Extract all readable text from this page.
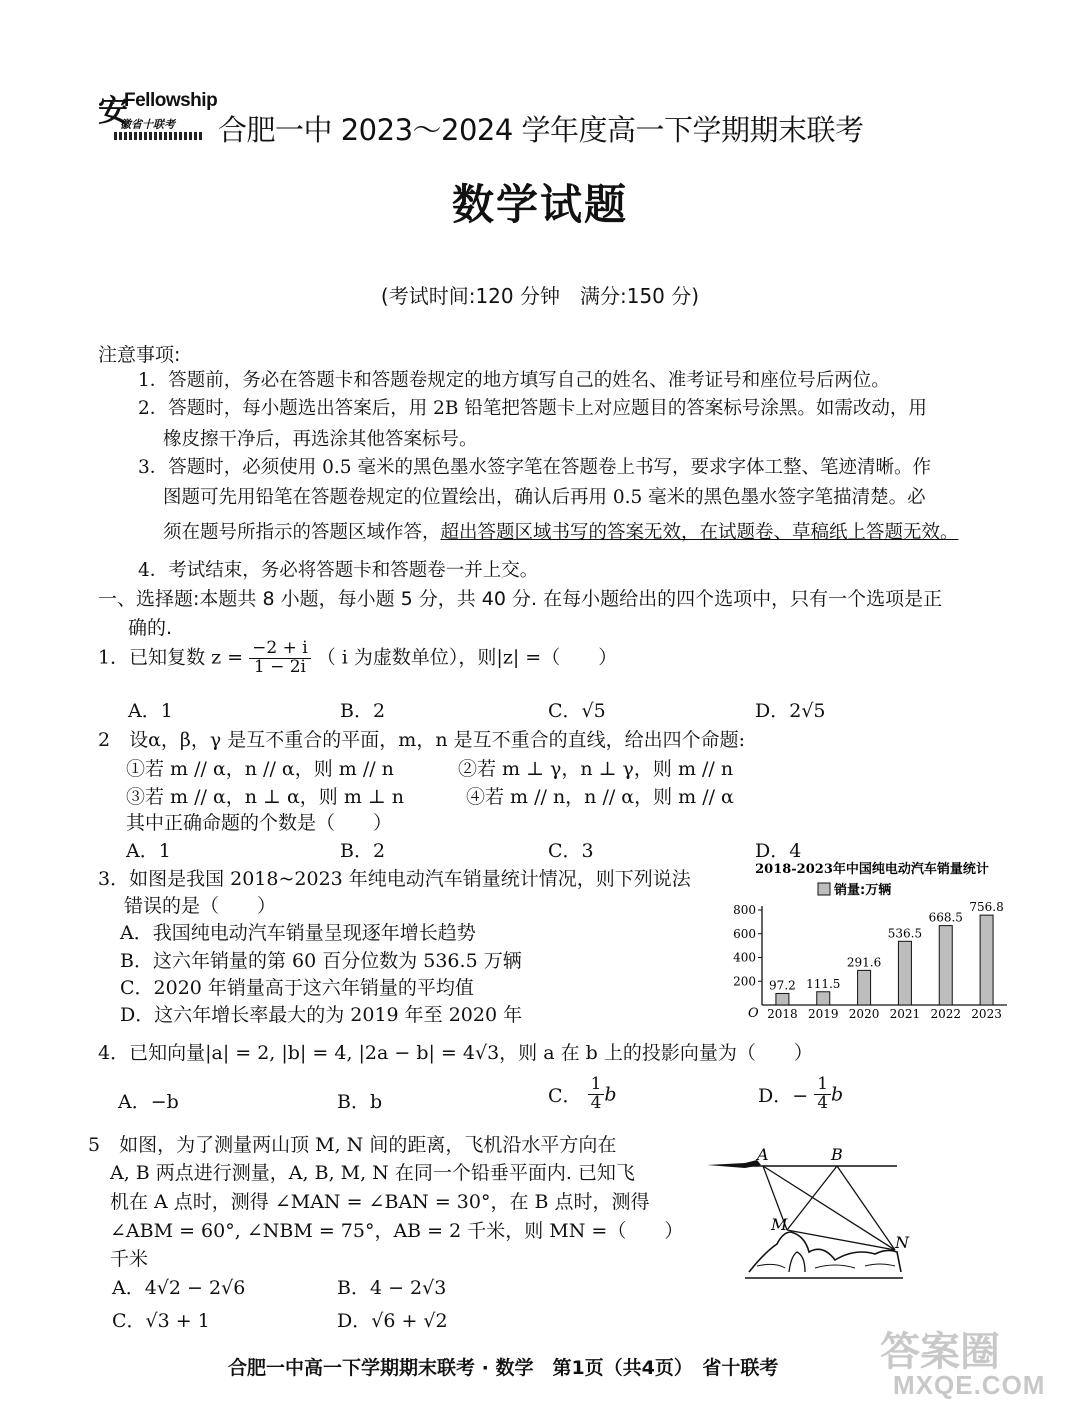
安
Fellowship
徽省十联考 合肥一中 2023～2024 学年度高一下学期期末联考
数学试题
(考试时间:120 分钟　满分:150 分)
注意事项:
1．答题前，务必在答题卡和答题卷规定的地方填写自己的姓名、准考证号和座位号后两位。
2．答题时，每小题选出答案后，用 2B 铅笔把答题卡上对应题目的答案标号涂黑。如需改动，用
橡皮擦干净后，再选涂其他答案标号。
3．答题时，必须使用 0.5 毫米的黑色墨水签字笔在答题卷上书写，要求字体工整、笔迹清晰。作
图题可先用铅笔在答题卷规定的位置绘出，确认后再用 0.5 毫米的黑色墨水签字笔描清楚。必
须在题号所指示的答题区域作答，超出答题区域书写的答案无效，在试题卷、草稿纸上答题无效。
4．考试结束，务必将答题卡和答题卷一并上交。
一、选择题:本题共 8 小题，每小题 5 分，共 40 分. 在每小题给出的四个选项中，只有一个选项是正
确的.
1．已知复数 $z = \frac{-2 + i}{1 - 2i}$ （ i 为虚数单位），则|z| =（　　）
A．1	B．2	C．√5	D．2√5
2　设α，β，γ 是互不重合的平面，m，n 是互不重合的直线，给出四个命题:
①若 m // α，n // α，则 m // n	②若 m ⊥ γ，n ⊥ γ，则 m // n
③若 m // α，n ⊥ α，则 m ⊥ n	④若 m // n，n // α，则 m // α
其中正确命题的个数是（　　）
A．1	B．2	C．3	D．4
3．如图是我国 2018~2023 年纯电动汽车销量统计情况，则下列说法
错误的是（　　）
A．我国纯电动汽车销量呈现逐年增长趋势
B．这六年销量的第 60 百分位数为 536.5 万辆
C．2020 年销量高于这六年销量的平均值
D．这六年增长率最大的为 2019 年至 2020 年
2018-2023年中国纯电动汽车销量统计
销量:万辆
O
200
400
600
800
97.2
2018
111.5
2019
291.6
2020
536.5
2021
668.5
2022
756.8
2023
4．已知向量|a| = 2, |b| = 4, |2a − b| = 4√3，则 a 在 b 上的投影向量为（　　）
A．−b	B．b	C． $\frac{1}{4}$ b	D．− $\frac{1}{4}$ b
5　如图，为了测量两山顶 M, N 间的距离，飞机沿水平方向在
A, B 两点进行测量，A, B, M, N 在同一个铅垂平面内. 已知飞
机在 A 点时，测得 ∠MAN = ∠BAN = 30°，在 B 点时，测得
∠ABM = 60°, ∠NBM = 75°，AB = 2 千米，则 MN =（　　）
千米
A．4√2 − 2√6	B．4 − 2√3
C．√3 + 1	D．√6 + √2
A	B
M
N
合肥一中高一下学期期末联考 · 数学　第1页（共4页）　省十联考	答案圈
MXQE.COM
